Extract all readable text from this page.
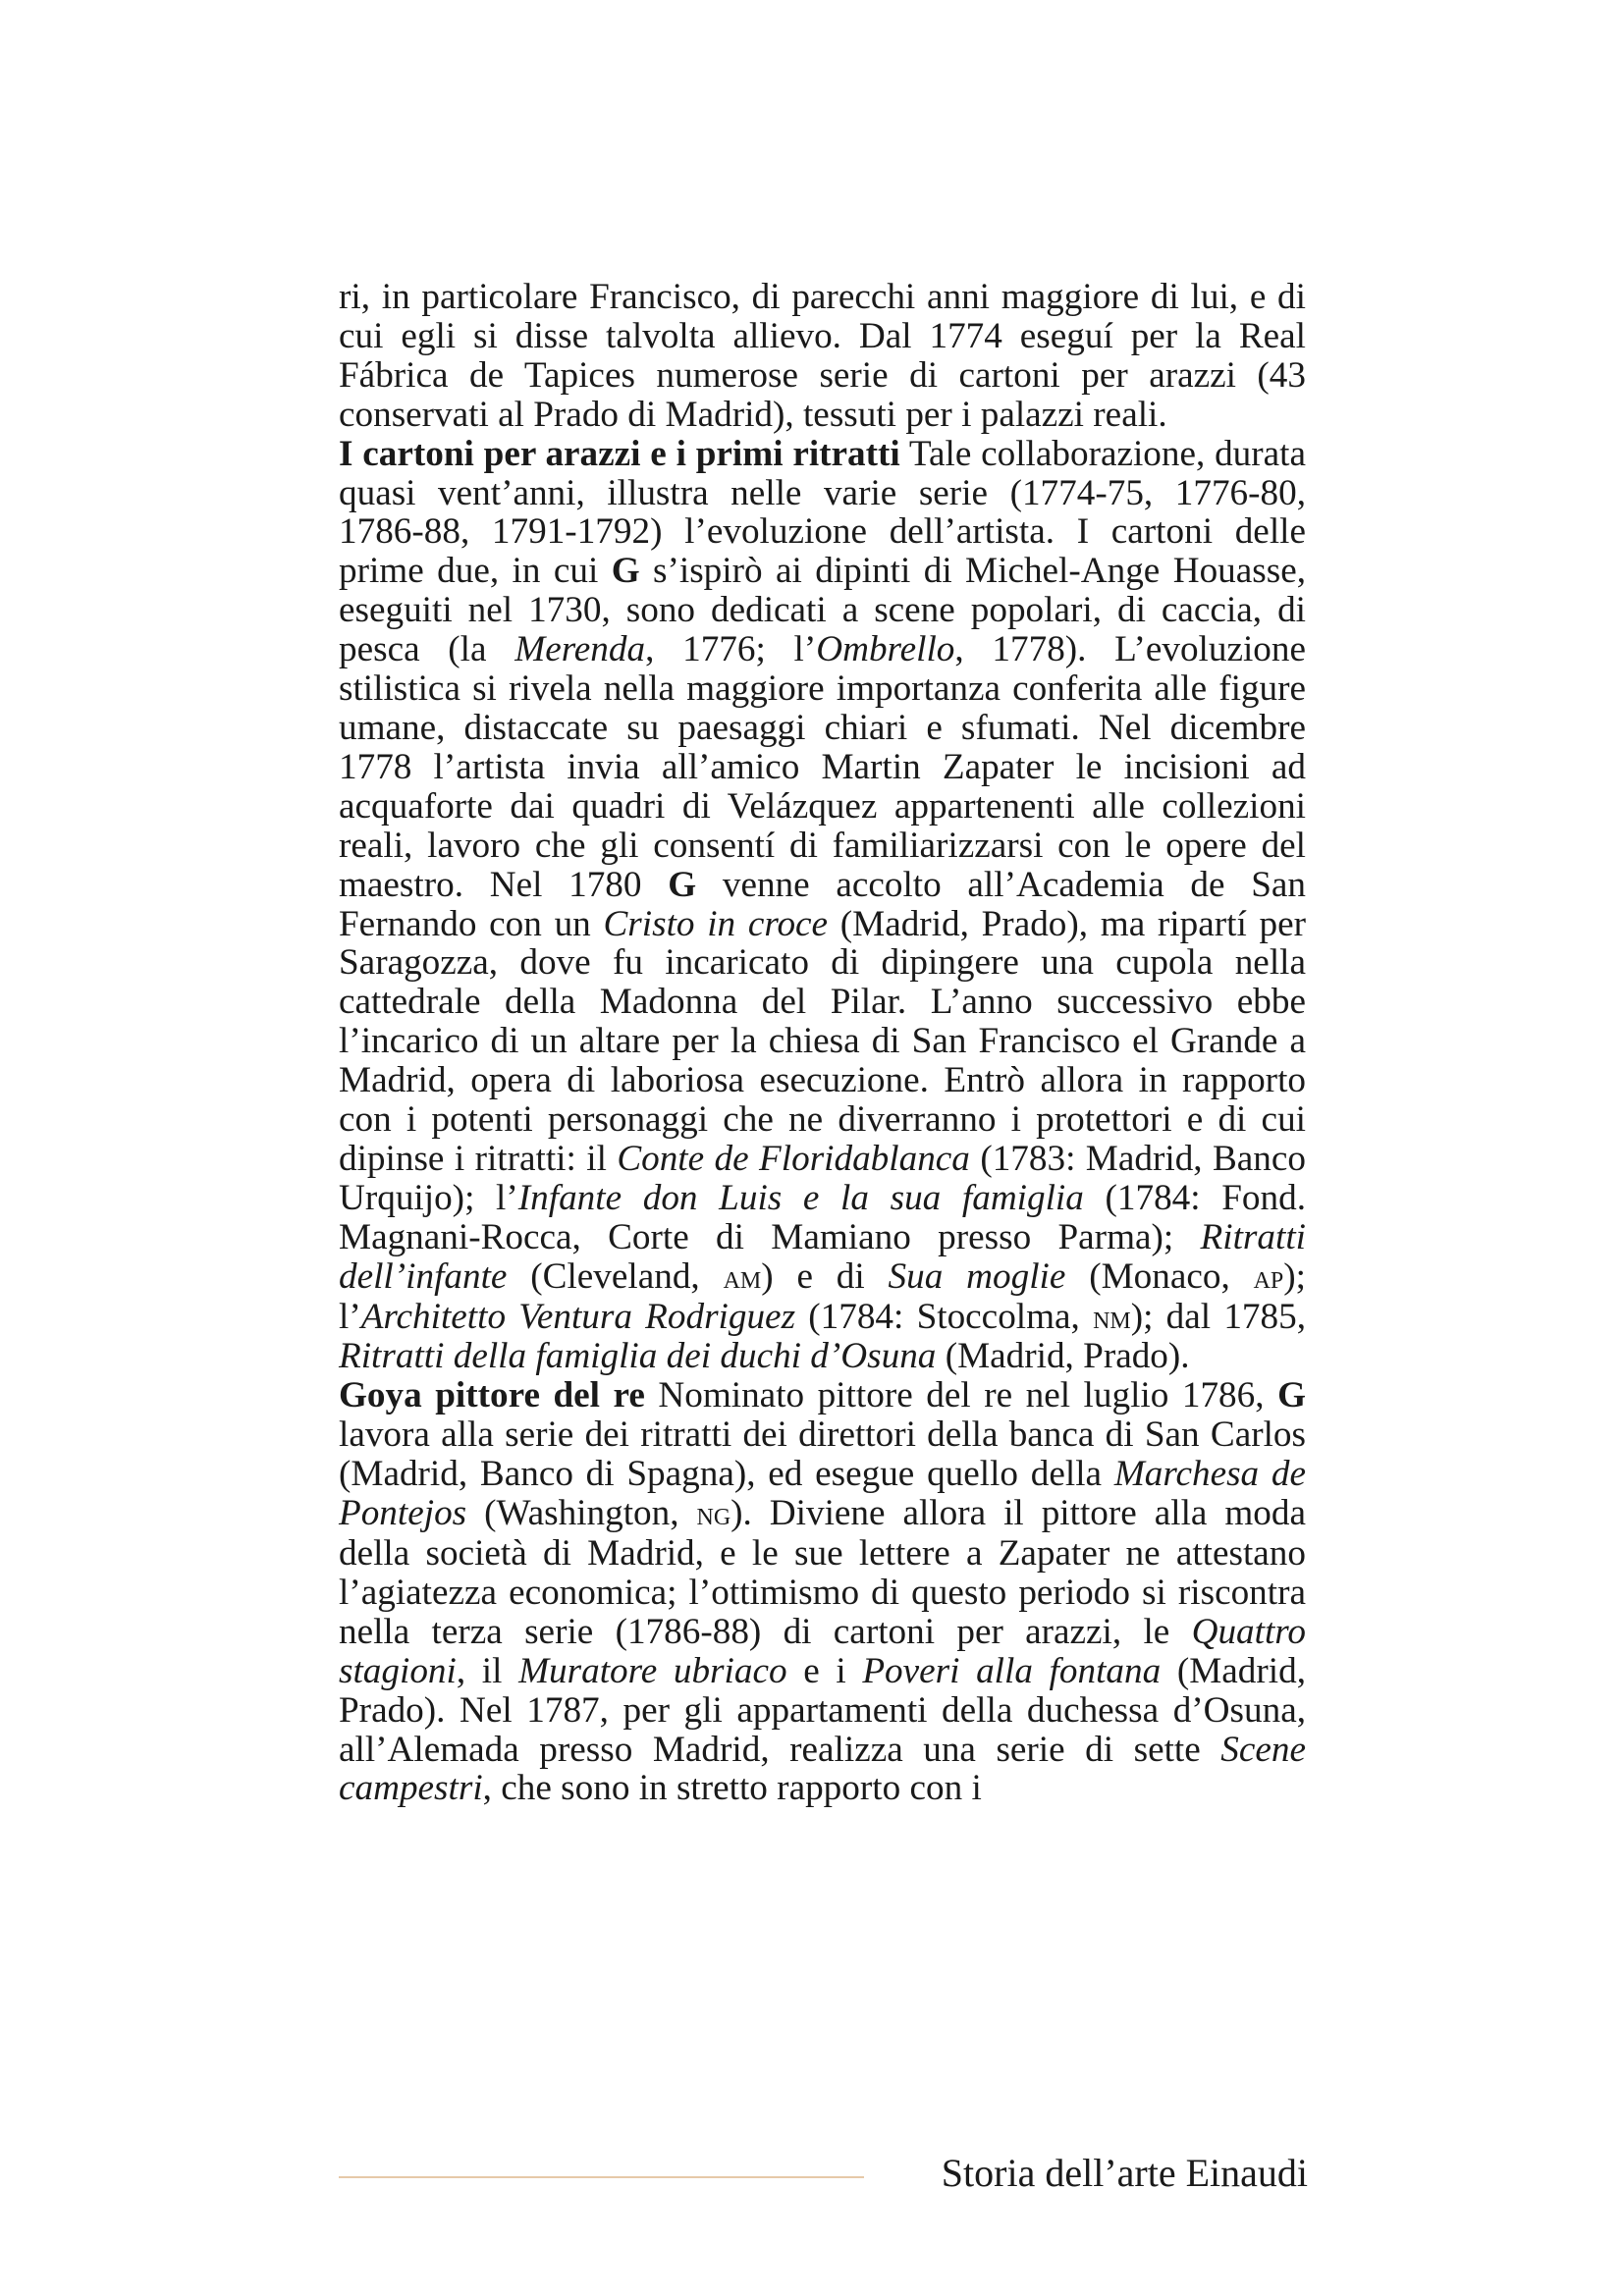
ri, in particolare Francisco, di parecchi anni maggiore di lui, e di cui egli si disse talvolta allievo. Dal 1774 eseguí per la Real Fábrica de Tapices numerose serie di cartoni per arazzi (43 conservati al Prado di Madrid), tessuti per i palazzi reali.

I cartoni per arazzi e i primi ritratti Tale collaborazione, durata quasi vent’anni, illustra nelle varie serie (1774-75, 1776-80, 1786-88, 1791-1792) l’evoluzione dell’artista. I cartoni delle prime due, in cui G s’ispirò ai dipinti di Michel-Ange Houasse, eseguiti nel 1730, sono dedicati a scene popolari, di caccia, di pesca (la Merenda, 1776; l’Ombrello, 1778). L’evoluzione stilistica si rivela nella maggiore importanza conferita alle figure umane, distaccate su paesaggi chiari e sfumati. Nel dicembre 1778 l’artista invia all’amico Martin Zapater le incisioni ad acquaforte dai quadri di Velázquez appartenenti alle collezioni reali, lavoro che gli consentí di familiarizzarsi con le opere del maestro. Nel 1780 G venne accolto all’Academia de San Fernando con un Cristo in croce (Madrid, Prado), ma ripartí per Saragozza, dove fu incaricato di dipingere una cupola nella cattedrale della Madonna del Pilar. L’anno successivo ebbe l’incarico di un altare per la chiesa di San Francisco el Grande a Madrid, opera di laboriosa esecuzione. Entrò allora in rapporto con i potenti personaggi che ne diverranno i protettori e di cui dipinse i ritratti: il Conte de Floridablanca (1783: Madrid, Banco Urquijo); l’Infante don Luis e la sua famiglia (1784: Fond. Magnani-Rocca, Corte di Mamiano presso Parma); Ritratti dell’infante (Cleveland, am) e di Sua moglie (Monaco, ap); l’Architetto Ventura Rodriguez (1784: Stoccolma, nm); dal 1785, Ritratti della famiglia dei duchi d’Osuna (Madrid, Prado).

Goya pittore del re Nominato pittore del re nel luglio 1786, G lavora alla serie dei ritratti dei direttori della banca di San Carlos (Madrid, Banco di Spagna), ed esegue quello della Marchesa de Pontejos (Washington, ng). Diviene allora il pittore alla moda della società di Madrid, e le sue lettere a Zapater ne attestano l’agiatezza economica; l’ottimismo di questo periodo si riscontra nella terza serie (1786-88) di cartoni per arazzi, le Quattro stagioni, il Muratore ubriaco e i Poveri alla fontana (Madrid, Prado). Nel 1787, per gli appartamenti della duchessa d’Osuna, all’Alemada presso Madrid, realizza una serie di sette Scene campestri, che sono in stretto rapporto con i

Storia dell’arte Einaudi
